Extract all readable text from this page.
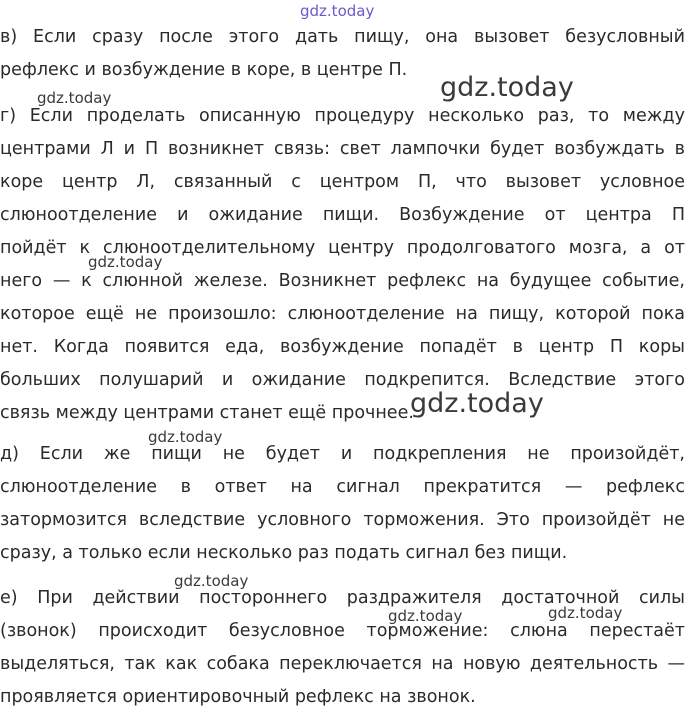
в) Если сразу после этого дать пищу, она вызовет безусловный
рефлекс и возбуждение в коре, в центре П.
г) Если проделать описанную процедуру несколько раз, то между
центрами Л и П возникнет связь: свет лампочки будет возбуждать в
коре центр Л, связанный с центром П, что вызовет условное
слюноотделение и ожидание пищи. Возбуждение от центра П
пойдёт к слюноотделительному центру продолговатого мозга, а от
него — к слюнной железе. Возникнет рефлекс на будущее событие,
которое ещё не произошло: слюноотделение на пищу, которой пока
нет. Когда появится еда, возбуждение попадёт в центр П коры
больших полушарий и ожидание подкрепится. Вследствие этого
связь между центрами станет ещё прочнее.
д) Если же пищи не будет и подкрепления не произойдёт,
слюноотделение в ответ на сигнал прекратится — рефлекс
затормозится вследствие условного торможения. Это произойдёт не
сразу, а только если несколько раз подать сигнал без пищи.
е) При действии постороннего раздражителя достаточной силы
(звонок) происходит безусловное торможение: слюна перестаёт
выделяться, так как собака переключается на новую деятельность —
проявляется ориентировочный рефлекс на звонок.
gdz.today
gdz.today	gdz.today
gdz.today
gdz.today
gdz.today
gdz.today
gdz.today	gdz.today
